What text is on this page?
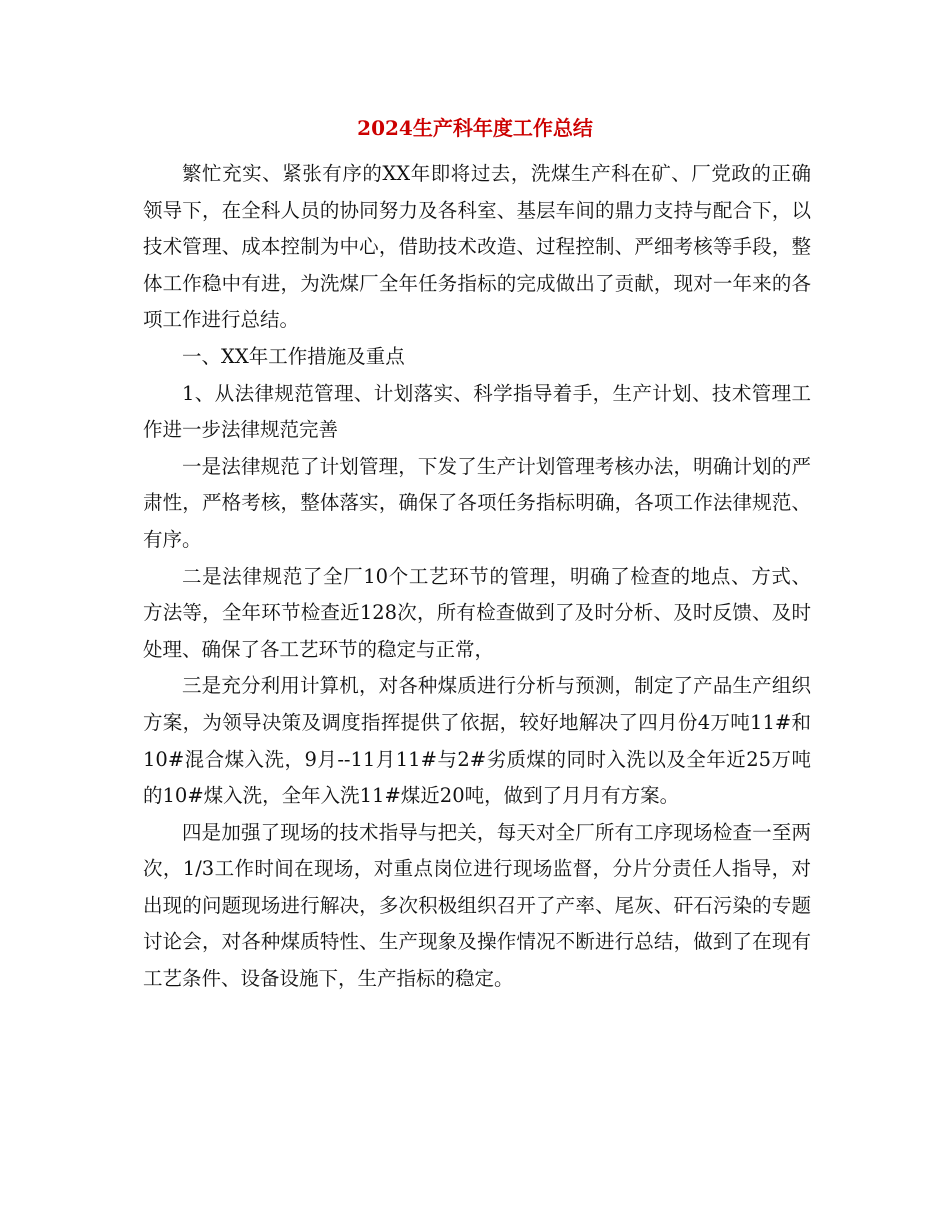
2024生产科年度工作总结

繁忙充实、紧张有序的XX年即将过去，洗煤生产科在矿、厂党政的正确领导下，在全科人员的协同努力及各科室、基层车间的鼎力支持与配合下，以技术管理、成本控制为中心，借助技术改造、过程控制、严细考核等手段，整体工作稳中有进，为洗煤厂全年任务指标的完成做出了贡献，现对一年来的各项工作进行总结。

一、XX年工作措施及重点

1、从法律规范管理、计划落实、科学指导着手，生产计划、技术管理工作进一步法律规范完善

一是法律规范了计划管理，下发了生产计划管理考核办法，明确计划的严肃性，严格考核，整体落实，确保了各项任务指标明确，各项工作法律规范、有序。

二是法律规范了全厂10个工艺环节的管理，明确了检查的地点、方式、方法等，全年环节检查近128次，所有检查做到了及时分析、及时反馈、及时处理、确保了各工艺环节的稳定与正常，

三是充分利用计算机，对各种煤质进行分析与预测，制定了产品生产组织方案，为领导决策及调度指挥提供了依据，较好地解决了四月份4万吨11#和10#混合煤入洗，9月--11月11#与2#劣质煤的同时入洗以及全年近25万吨的10#煤入洗，全年入洗11#煤近20吨，做到了月月有方案。

四是加强了现场的技术指导与把关，每天对全厂所有工序现场检查一至两次，1/3工作时间在现场，对重点岗位进行现场监督，分片分责任人指导，对出现的问题现场进行解决，多次积极组织召开了产率、尾灰、矸石污染的专题讨论会，对各种煤质特性、生产现象及操作情况不断进行总结，做到了在现有工艺条件、设备设施下，生产指标的稳定。
